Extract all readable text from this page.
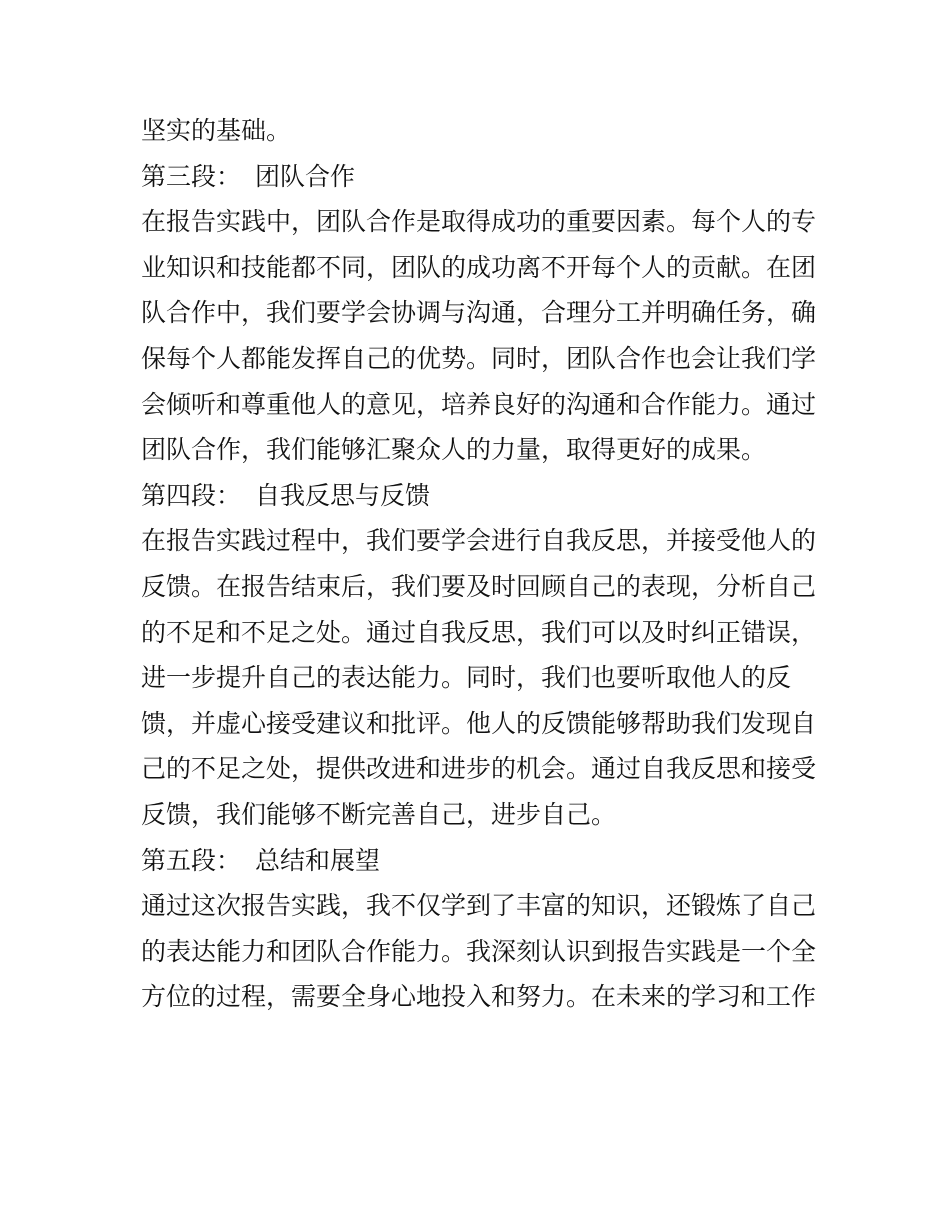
坚实的基础。
第三段： 团队合作
在报告实践中，团队合作是取得成功的重要因素。每个人的专
业知识和技能都不同，团队的成功离不开每个人的贡献。在团
队合作中，我们要学会协调与沟通，合理分工并明确任务，确
保每个人都能发挥自己的优势。同时，团队合作也会让我们学
会倾听和尊重他人的意见，培养良好的沟通和合作能力。通过
团队合作，我们能够汇聚众人的力量，取得更好的成果。
第四段： 自我反思与反馈
在报告实践过程中，我们要学会进行自我反思，并接受他人的
反馈。在报告结束后，我们要及时回顾自己的表现，分析自己
的不足和不足之处。通过自我反思，我们可以及时纠正错误，
进一步提升自己的表达能力。同时，我们也要听取他人的反
馈，并虚心接受建议和批评。他人的反馈能够帮助我们发现自
己的不足之处，提供改进和进步的机会。通过自我反思和接受
反馈，我们能够不断完善自己，进步自己。
第五段： 总结和展望
通过这次报告实践，我不仅学到了丰富的知识，还锻炼了自己
的表达能力和团队合作能力。我深刻认识到报告实践是一个全
方位的过程，需要全身心地投入和努力。在未来的学习和工作
